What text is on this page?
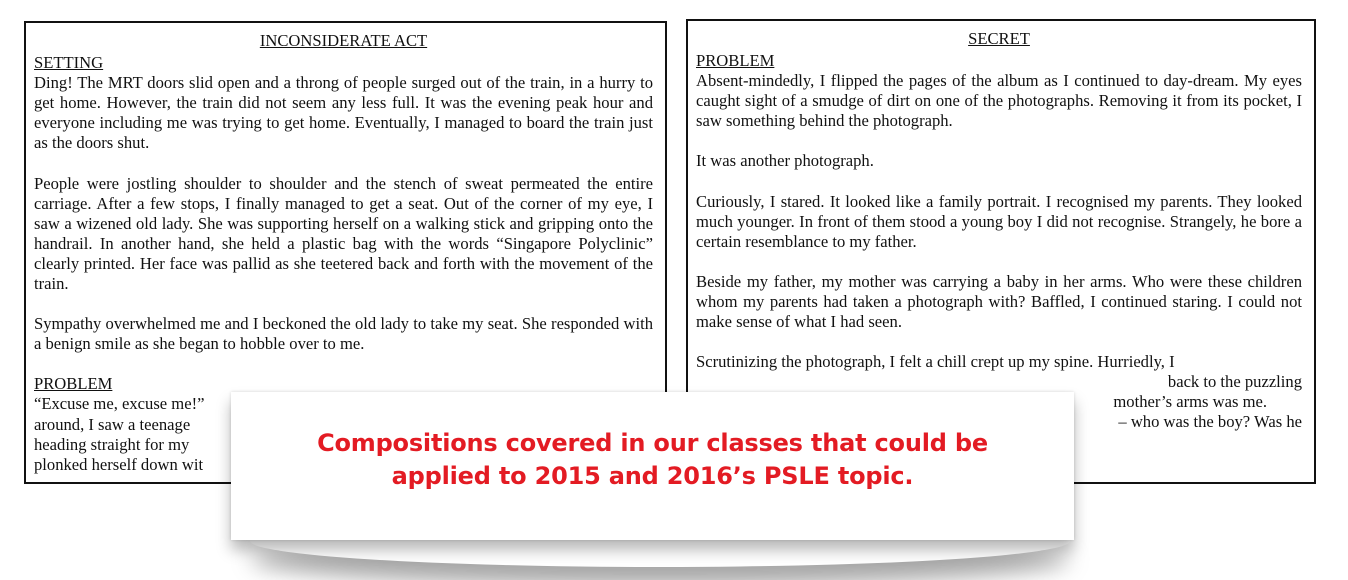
INCONSIDERATE ACT
SETTING

Ding! The MRT doors slid open and a throng of people surged out of the train, in a hurry to get home. However, the train did not seem any less full. It was the evening peak hour and everyone including me was trying to get home. Eventually, I managed to board the train just as the doors shut.

People were jostling shoulder to shoulder and the stench of sweat permeated the entire carriage. After a few stops, I finally managed to get a seat. Out of the corner of my eye, I saw a wizened old lady. She was supporting herself on a walking stick and gripping onto the handrail. In another hand, she held a plastic bag with the words “Singapore Polyclinic” clearly printed. Her face was pallid as she teetered back and forth with the movement of the train.

Sympathy overwhelmed me and I beckoned the old lady to take my seat. She responded with a benign smile as she began to hobble over to me.

PROBLEM
“Excuse me, excuse me!”
around, I saw a teenage
heading straight for my
plonked herself down wit
SECRET
PROBLEM

Absent-mindedly, I flipped the pages of the album as I continued to day-dream. My eyes caught sight of a smudge of dirt on one of the photographs. Removing it from its pocket, I saw something behind the photograph.

It was another photograph.

Curiously, I stared. It looked like a family portrait. I recognised my parents. They looked much younger. In front of them stood a young boy I did not recognise. Strangely, he bore a certain resemblance to my father.

Beside my father, my mother was carrying a baby in her arms. Who were these children whom my parents had taken a photograph with? Baffled, I continued staring. I could not make sense of what I had seen.

Scrutinizing the photograph, I felt a chill crept up my spine. Hurriedly, I
back to the puzzling
mother’s arms was me.
– who was the boy? Was he
Compositions covered in our classes that could be applied to 2015 and 2016’s PSLE topic.
